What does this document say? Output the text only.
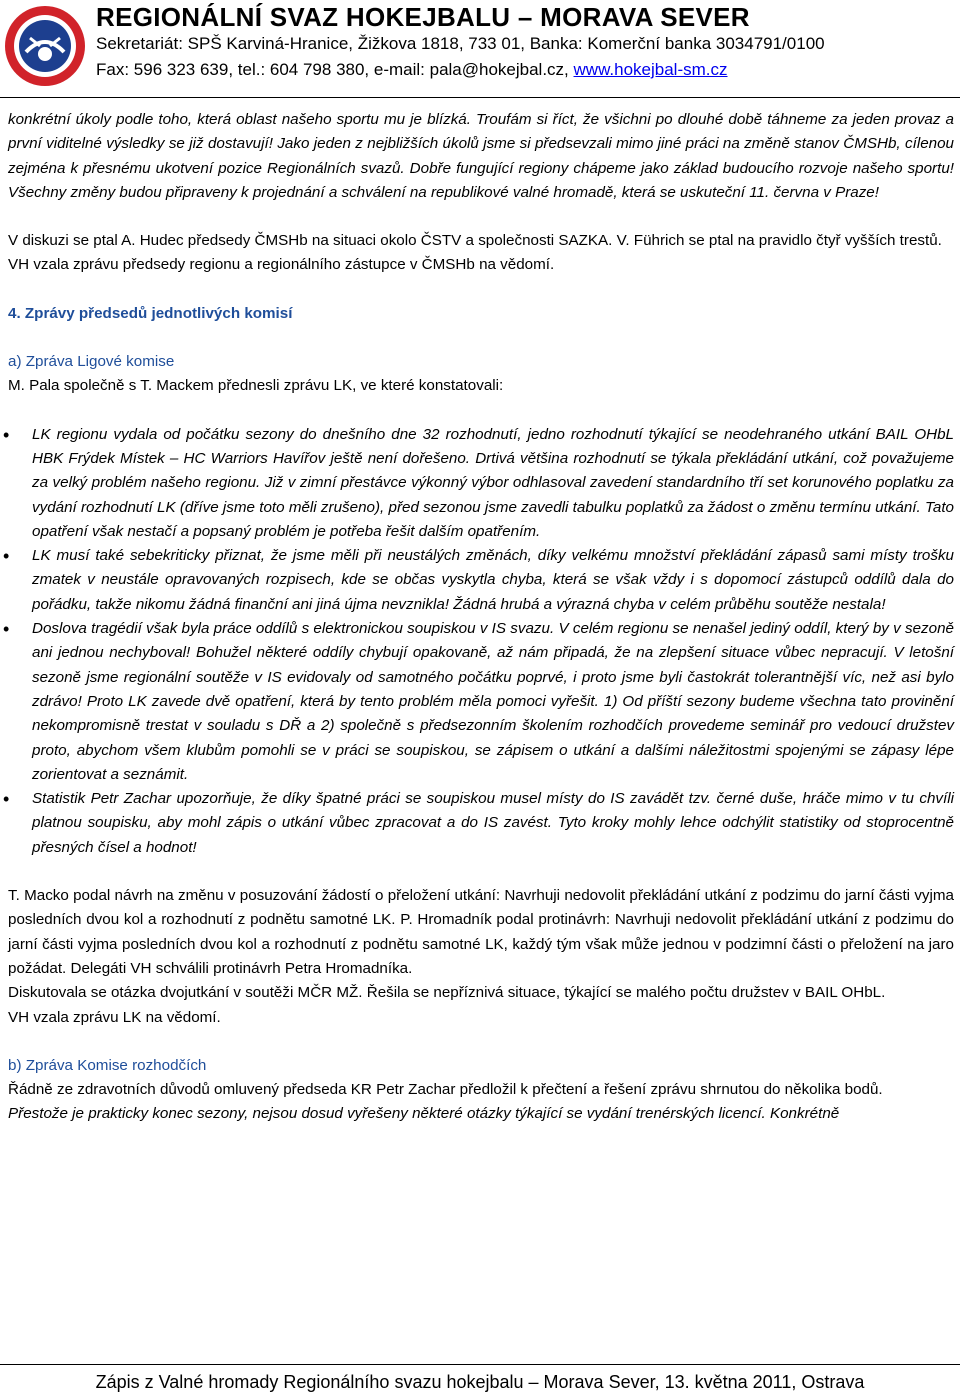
REGIONÁLNÍ SVAZ HOKEJBALU – MORAVA SEVER
Sekretariát: SPŠ Karviná-Hranice, Žižkova 1818, 733 01, Banka: Komerční banka 3034791/0100
Fax: 596 323 639, tel.: 604 798 380, e-mail: pala@hokejbal.cz, www.hokejbal-sm.cz

konkrétní úkoly podle toho, která oblast našeho sportu mu je blízká. Troufám si říct, že všichni po dlouhé době táhneme za jeden provaz a první viditelné výsledky se již dostavují! Jako jeden z nejbližších úkolů jsme si předsevzali mimo jiné práci na změně stanov ČMSHb, cílenou zejména k přesnému ukotvení pozice Regionálních svazů. Dobře fungující regiony chápeme jako základ budoucího rozvoje našeho sportu! Všechny změny budou připraveny k projednání a schválení na republikové valné hromadě, která se uskuteční 11. června v Praze!

V diskuzi se ptal A. Hudec předsedy ČMSHb na situaci okolo ČSTV a společnosti SAZKA. V. Führich se ptal na pravidlo čtyř vyšších trestů.

VH vzala zprávu předsedy regionu a regionálního zástupce v ČMSHb na vědomí.

4. Zprávy předsedů jednotlivých komisí

a) Zpráva Ligové komise

M. Pala společně s T. Mackem přednesli zprávu LK, ve které konstatovali:

• LK regionu vydala od počátku sezony do dnešního dne 32 rozhodnutí, jedno rozhodnutí týkající se neodehraného utkání BAIL OHbL HBK Frýdek Místek – HC Warriors Havířov ještě není dořešeno. Drtivá většina rozhodnutí se týkala překládání utkání, což považujeme za velký problém našeho regionu. Již v zimní přestávce výkonný výbor odhlasoval zavedení standardního tří set korunového poplatku za vydání rozhodnutí LK (dříve jsme toto měli zrušeno), před sezonou jsme zavedli tabulku poplatků za žádost o změnu termínu utkání. Tato opatření však nestačí a popsaný problém je potřeba řešit dalším opatřením.
• LK musí také sebekriticky přiznat, že jsme měli při neustálých změnách, díky velkému množství překládání zápasů sami místy trošku zmatek v neustále opravovaných rozpisech, kde se občas vyskytla chyba, která se však vždy i s dopomocí zástupců oddílů dala do pořádku, takže nikomu žádná finanční ani jiná újma nevznikla! Žádná hrubá a výrazná chyba v celém průběhu soutěže nestala!
• Doslova tragédií však byla práce oddílů s elektronickou soupiskou v IS svazu. V celém regionu se nenašel jediný oddíl, který by v sezoně ani jednou nechyboval! Bohužel některé oddíly chybují opakovaně, až nám připadá, že na zlepšení situace vůbec nepracují. V letošní sezoně jsme regionální soutěže v IS evidovaly od samotného počátku poprvé, i proto jsme byli častokrát tolerantnější víc, než asi bylo zdrávo! Proto LK zavede dvě opatření, která by tento problém měla pomoci vyřešit. 1) Od příští sezony budeme všechna tato provinění nekompromisně trestat v souladu s DŘ a 2) společně s předsezonním školením rozhodčích provedeme seminář pro vedoucí družstev proto, abychom všem klubům pomohli se v práci se soupiskou, se zápisem o utkání a dalšími náležitostmi spojenými se zápasy lépe zorientovat a seznámit.
• Statistik Petr Zachar upozorňuje, že díky špatné práci se soupiskou musel místy do IS zavádět tzv. černé duše, hráče mimo v tu chvíli platnou soupisku, aby mohl zápis o utkání vůbec zpracovat a do IS zavést. Tyto kroky mohly lehce odchýlit statistiky od stoprocentně přesných čísel a hodnot!

T. Macko podal návrh na změnu v posuzování žádostí o přeložení utkání: Navrhuji nedovolit překládání utkání z podzimu do jarní části vyjma posledních dvou kol a rozhodnutí z podnětu samotné LK. P. Hromadník podal protinávrh: Navrhuji nedovolit překládání utkání z podzimu do jarní části vyjma posledních dvou kol a rozhodnutí z podnětu samotné LK, každý tým však může jednou v podzimní části o přeložení na jaro požádat. Delegáti VH schválili protinávrh Petra Hromadníka.

Diskutovala se otázka dvojutkání v soutěži MČR MŽ. Řešila se nepříznivá situace, týkající se malého počtu družstev v BAIL OHbL.

VH vzala zprávu LK na vědomí.

b) Zpráva Komise rozhodčích

Řádně ze zdravotních důvodů omluvený předseda KR Petr Zachar předložil k přečtení a řešení zprávu shrnutou do několika bodů.

Přestože je prakticky konec sezony, nejsou dosud vyřešeny některé otázky týkající se vydání trenérských licencí. Konkrétně

Zápis z Valné hromady Regionálního svazu hokejbalu – Morava Sever, 13. května 2011, Ostrava
